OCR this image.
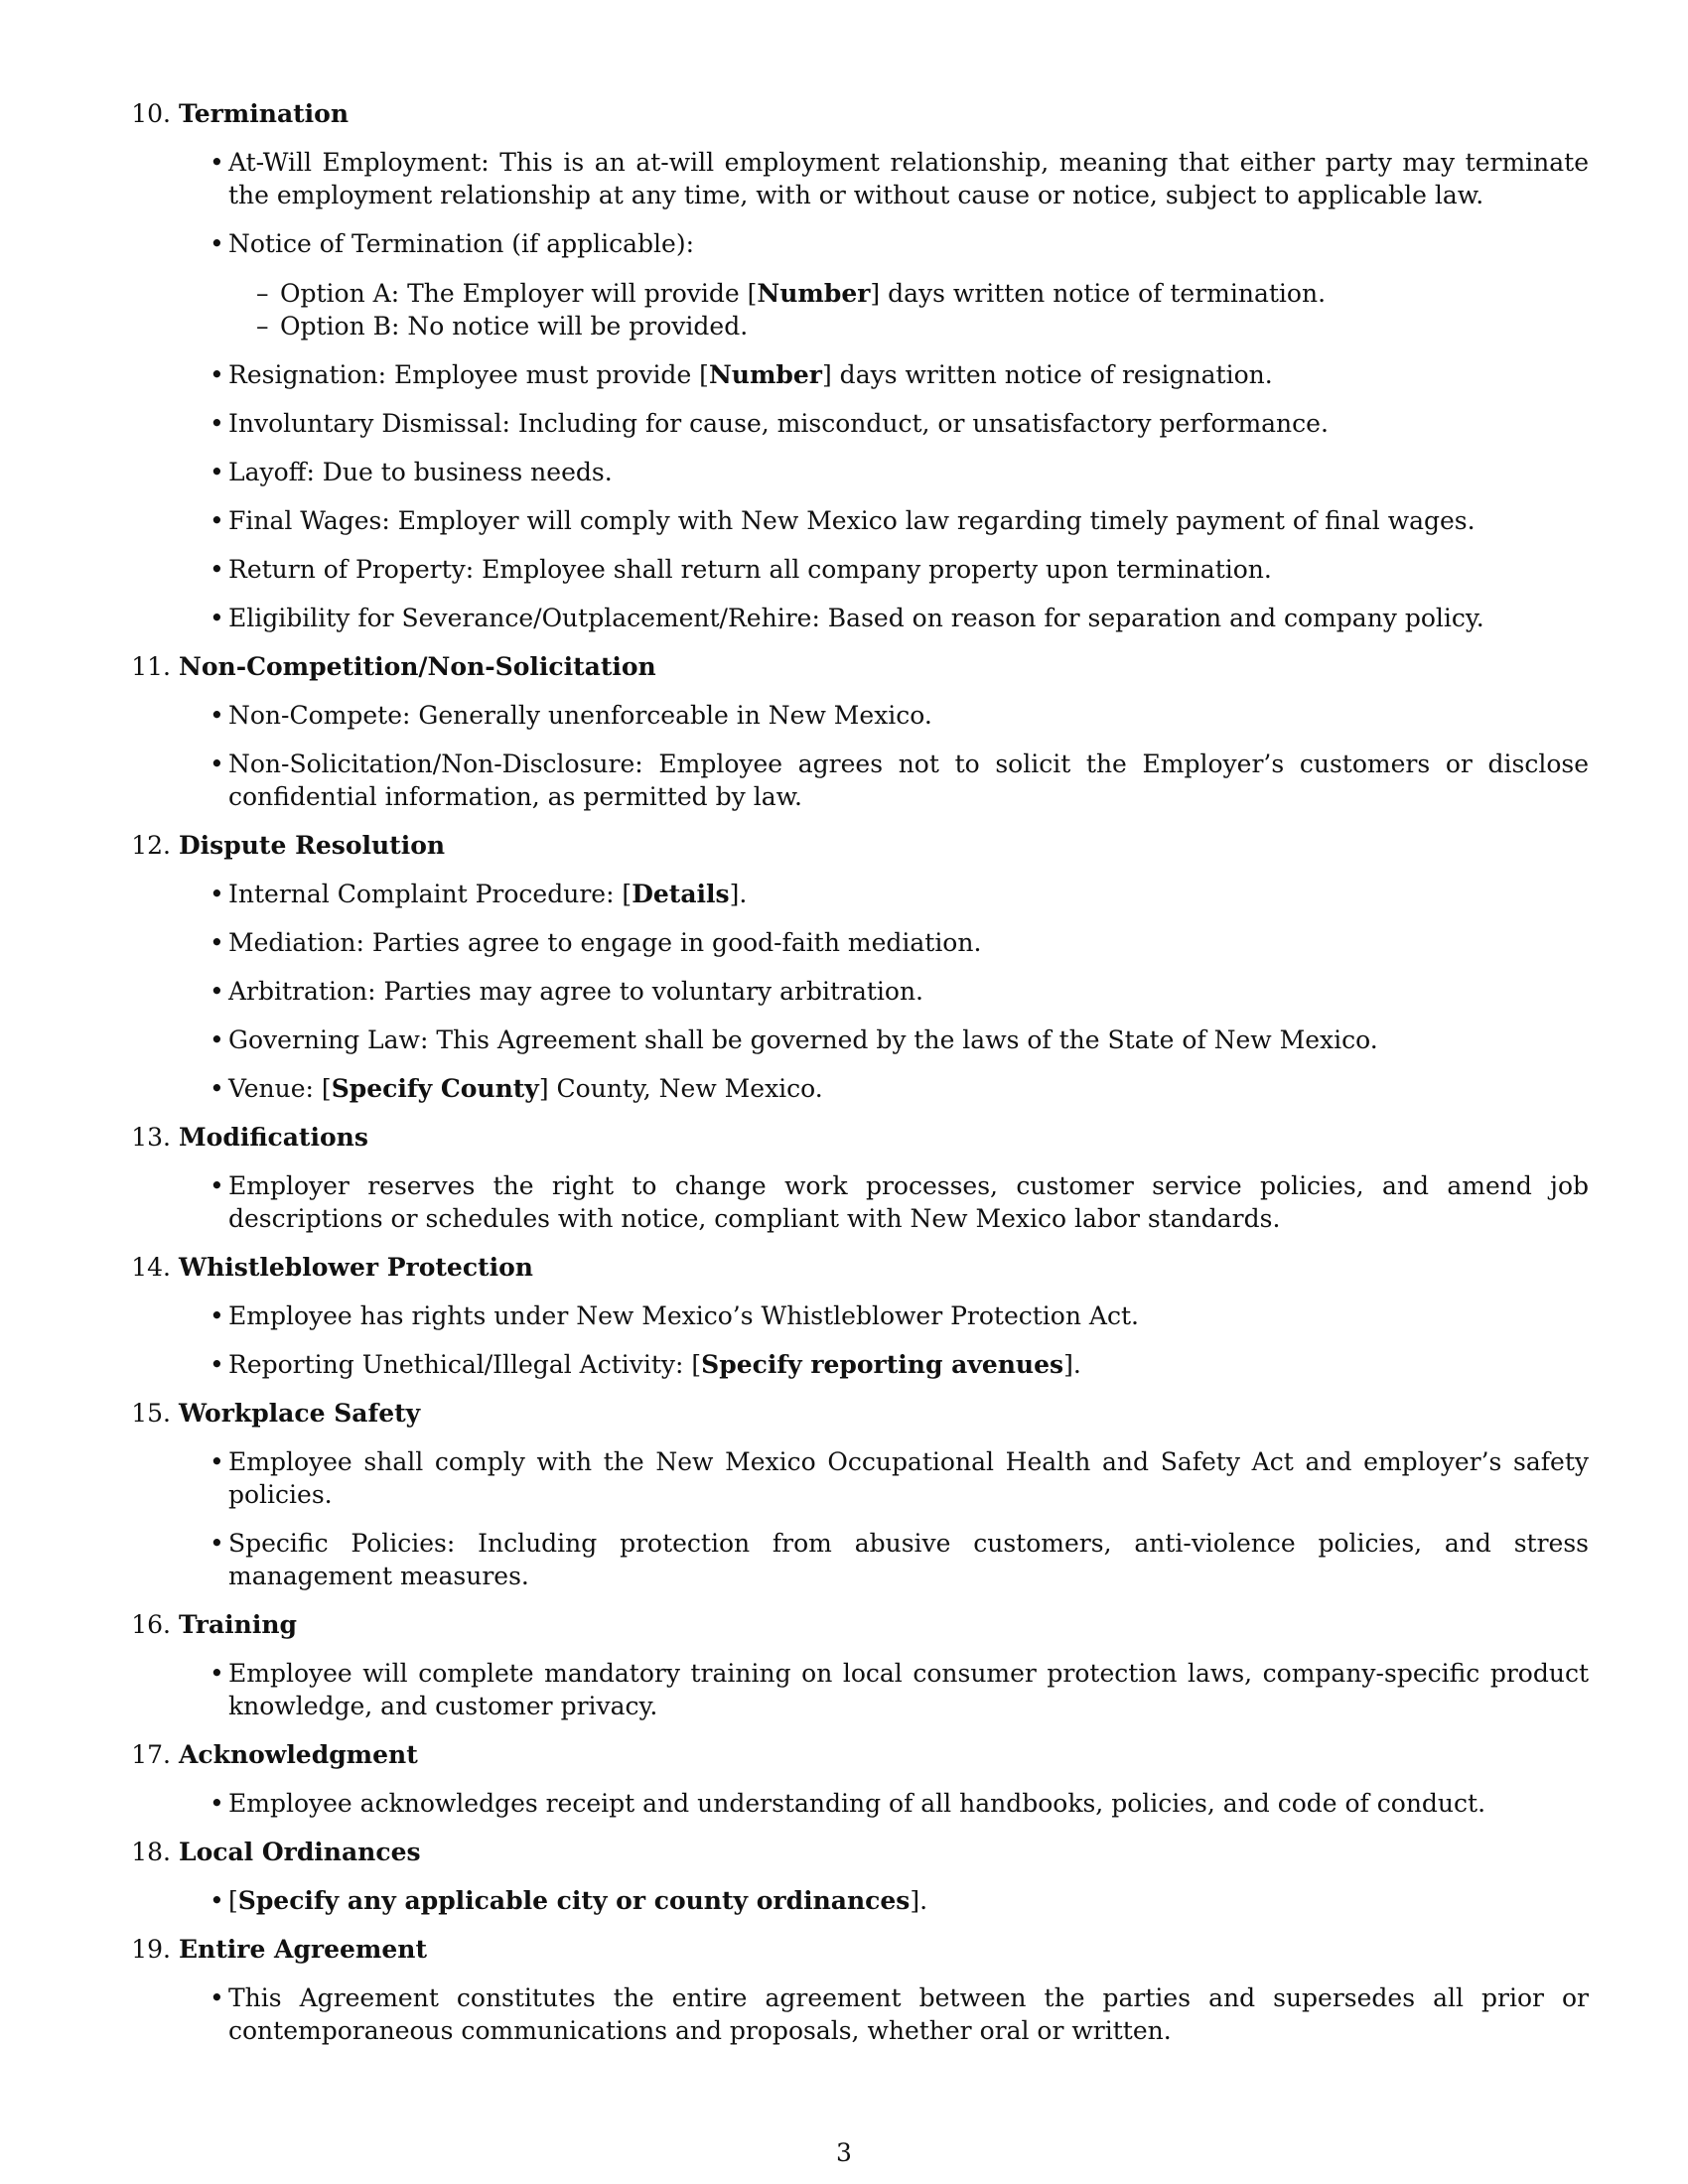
10. Termination
• At-Will Employment: This is an at-will employment relationship, meaning that either party may terminate the employment relationship at any time, with or without cause or notice, subject to applicable law.
• Notice of Termination (if applicable):
– Option A: The Employer will provide [Number] days written notice of termination.
– Option B: No notice will be provided.
• Resignation: Employee must provide [Number] days written notice of resignation.
• Involuntary Dismissal: Including for cause, misconduct, or unsatisfactory performance.
• Layoff: Due to business needs.
• Final Wages: Employer will comply with New Mexico law regarding timely payment of final wages.
• Return of Property: Employee shall return all company property upon termination.
• Eligibility for Severance/Outplacement/Rehire: Based on reason for separation and company policy.
11. Non-Competition/Non-Solicitation
• Non-Compete: Generally unenforceable in New Mexico.
• Non-Solicitation/Non-Disclosure: Employee agrees not to solicit the Employer’s customers or disclose confidential information, as permitted by law.
12. Dispute Resolution
• Internal Complaint Procedure: [Details].
• Mediation: Parties agree to engage in good-faith mediation.
• Arbitration: Parties may agree to voluntary arbitration.
• Governing Law: This Agreement shall be governed by the laws of the State of New Mexico.
• Venue: [Specify County] County, New Mexico.
13. Modifications
• Employer reserves the right to change work processes, customer service policies, and amend job descriptions or schedules with notice, compliant with New Mexico labor standards.
14. Whistleblower Protection
• Employee has rights under New Mexico’s Whistleblower Protection Act.
• Reporting Unethical/Illegal Activity: [Specify reporting avenues].
15. Workplace Safety
• Employee shall comply with the New Mexico Occupational Health and Safety Act and employer’s safety policies.
• Specific Policies: Including protection from abusive customers, anti-violence policies, and stress management measures.
16. Training
• Employee will complete mandatory training on local consumer protection laws, company-specific product knowledge, and customer privacy.
17. Acknowledgment
• Employee acknowledges receipt and understanding of all handbooks, policies, and code of conduct.
18. Local Ordinances
• [Specify any applicable city or county ordinances].
19. Entire Agreement
• This Agreement constitutes the entire agreement between the parties and supersedes all prior or contemporaneous communications and proposals, whether oral or written.
3
